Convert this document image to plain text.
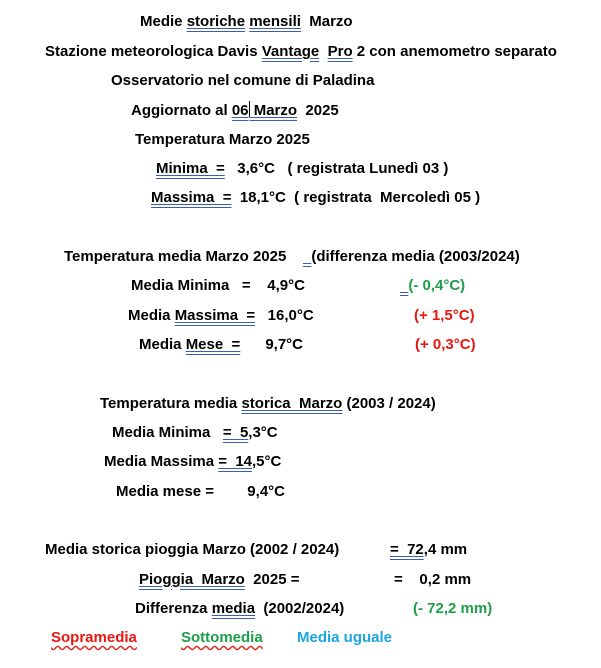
Medie storiche mensili  Marzo
Stazione meteorologica Davis Vantage Pro 2 con anemometro separato
Osservatorio nel comune di Paladina
Aggiornato al 06 Marzo  2025
Temperatura Marzo 2025
Minima  = 3,6°C   ( registrata Lunedì 03 )
Massima  = 18,1°C  ( registrata  Mercoledì 05 )
Temperatura media Marzo 2025 (differenza media (2003/2024)
Media Minima   =    4,9°C	(- 0,4°C)
Media Massima  =   16,0°C	(+ 1,5°C)
Media Mese  =      9,7°C	(+ 0,3°C)
Temperatura media storica  Marzo (2003 / 2024)
Media Minima   =  5,3°C
Media Massima =  14,5°C
Media mese =        9,4°C
Media storica pioggia Marzo (2002 / 2024)	=  72,4 mm
Pioggia  Marzo  2025 =	=    0,2 mm
Differenza media  (2002/2024)	(- 72,2 mm)
Sopramedia	Sottomedia Media uguale
